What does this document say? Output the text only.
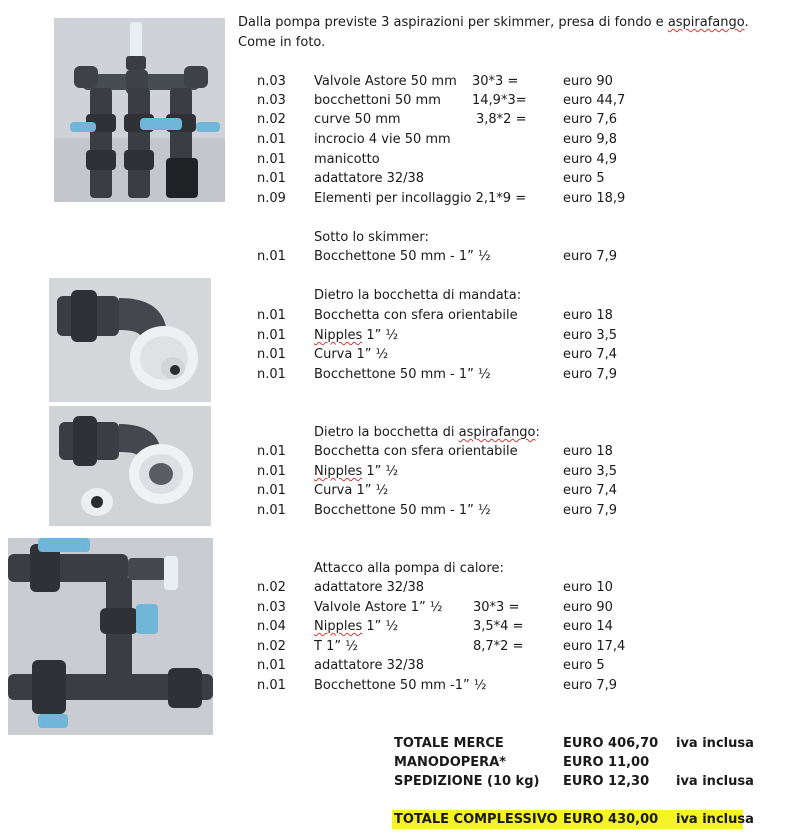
Dalla pompa previste 3 aspirazioni per skimmer, presa di fondo e aspirafango.
Come in foto.
n.03 Valvole Astore 50 mm 30*3 =	euro 90
n.03 bocchettoni 50 mm 14,9*3=	euro 44,7
n.02 curve 50 mm	3,8*2 =	euro 7,6
n.01 incrocio 4 vie 50 mm	euro 9,8
n.01 manicotto	euro 4,9
n.01 adattatore 32/38	euro 5
n.09 Elementi per incollaggio 2,1*9 =	euro 18,9
Sotto lo skimmer:
n.01 Bocchettone 50 mm - 1” ½	euro 7,9
Dietro la bocchetta di mandata:
n.01 Bocchetta con sfera orientabile	euro 18
n.01 Nipples 1” ½	euro 3,5
n.01 Curva 1” ½	euro 7,4
n.01 Bocchettone 50 mm - 1” ½	euro 7,9
Dietro la bocchetta di aspirafango:
n.01 Bocchetta con sfera orientabile	euro 18
n.01 Nipples 1” ½	euro 3,5
n.01 Curva 1” ½	euro 7,4
n.01 Bocchettone 50 mm - 1” ½	euro 7,9
Attacco alla pompa di calore:
n.02 adattatore 32/38	euro 10
n.03 Valvole Astore 1” ½ 30*3 =	euro 90
n.04 Nipples 1” ½	3,5*4 =	euro 14
n.02 T 1” ½	8,7*2 =	euro 17,4
n.01 adattatore 32/38	euro 5
n.01 Bocchettone 50 mm -1” ½	euro 7,9
TOTALE MERCE	EURO 406,70 iva inclusa
MANODOPERA*	EURO 11,00
SPEDIZIONE (10 kg) EURO 12,30 iva inclusa
TOTALE COMPLESSIVO EURO 430,00 iva inclusa
